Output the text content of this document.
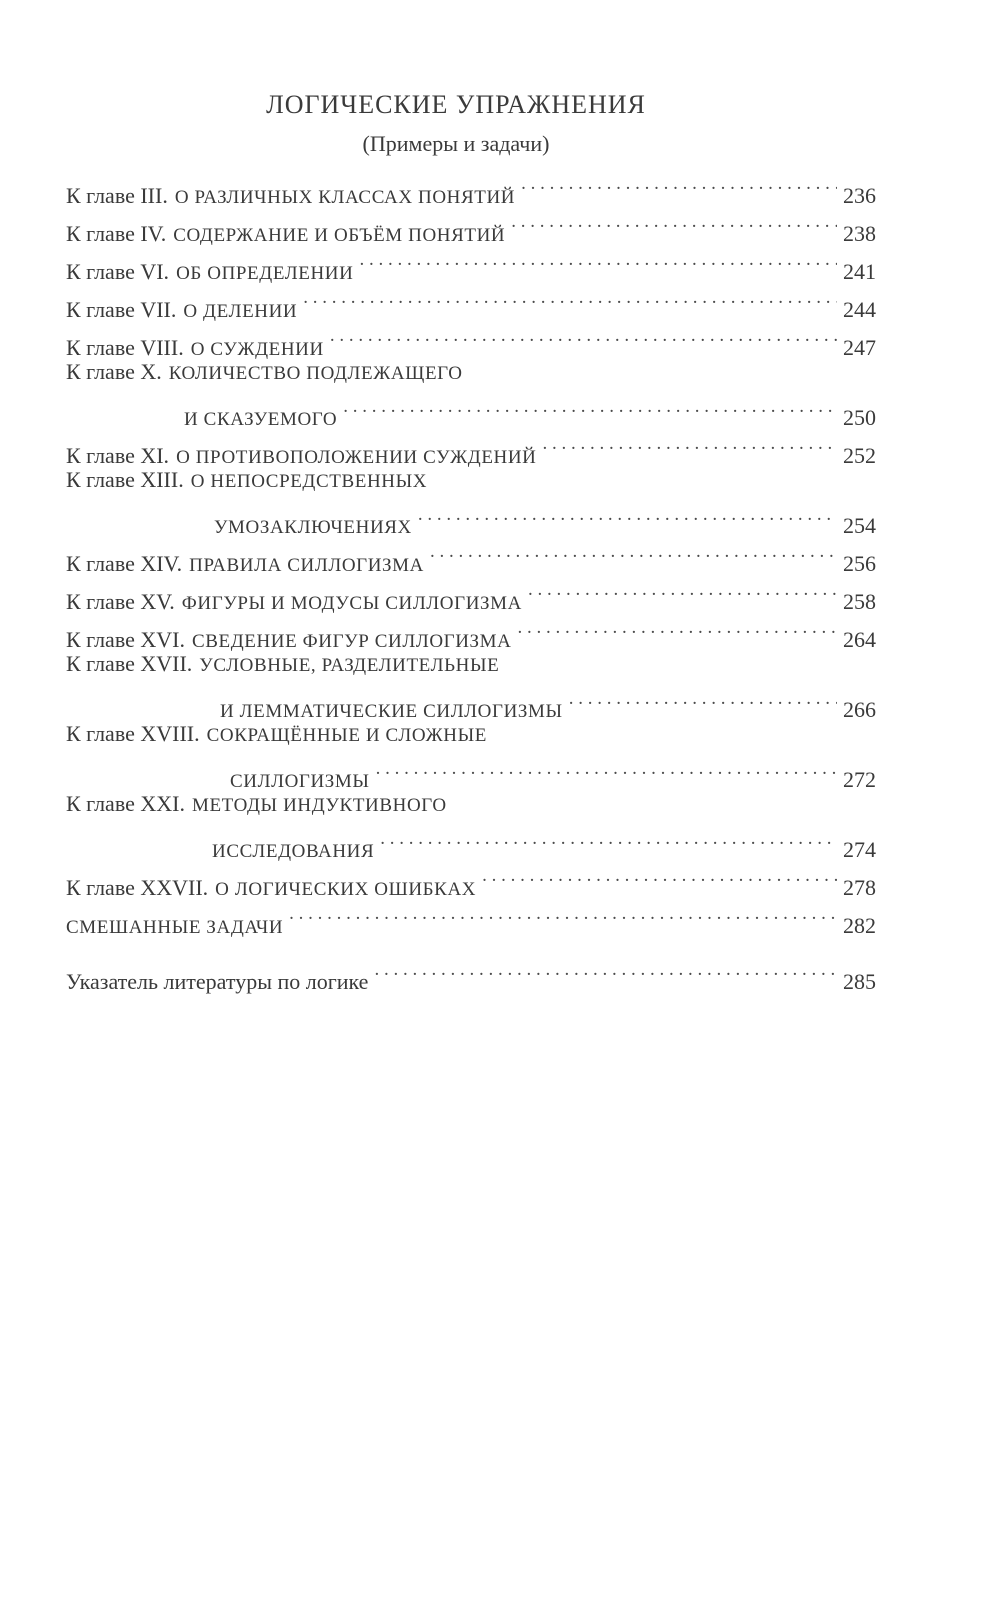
ЛОГИЧЕСКИЕ УПРАЖНЕНИЯ
(Примеры и задачи)
К главе III. О РАЗЛИЧНЫХ КЛАССАХ ПОНЯТИЙ . . .	236
К главе IV. СОДЕРЖАНИЕ И ОБЪЁМ ПОНЯТИЙ . . .	238
К главе VI. ОБ ОПРЕДЕЛЕНИИ . . .	241
К главе VII. О ДЕЛЕНИИ . . .	244
К главе VIII. О СУЖДЕНИИ . . .	247
К главе X. КОЛИЧЕСТВО ПОДЛЕЖАЩЕГО
И СКАЗУЕМОГО . . .	250
К главе XI. О ПРОТИВОПОЛОЖЕНИИ СУЖДЕНИЙ . . .	252
К главе XIII. О НЕПОСРЕДСТВЕННЫХ
УМОЗАКЛЮЧЕНИЯХ . . .	254
К главе XIV. ПРАВИЛА СИЛЛОГИЗМА . . .	256
К главе XV. ФИГУРЫ И МОДУСЫ СИЛЛОГИЗМА . . .	258
К главе XVI. СВЕДЕНИЕ ФИГУР СИЛЛОГИЗМА . . .	264
К главе XVII. УСЛОВНЫЕ, РАЗДЕЛИТЕЛЬНЫЕ
И ЛЕММАТИЧЕСКИЕ СИЛЛОГИЗМЫ . . .	266
К главе XVIII. СОКРАЩЁННЫЕ И СЛОЖНЫЕ
СИЛЛОГИЗМЫ . . .	272
К главе XXI. МЕТОДЫ ИНДУКТИВНОГО
ИССЛЕДОВАНИЯ . . .	274
К главе XXVII. О ЛОГИЧЕСКИХ ОШИБКАХ . . .	278
СМЕШАННЫЕ ЗАДАЧИ . . .	282
Указатель литературы по логике . . .	285
